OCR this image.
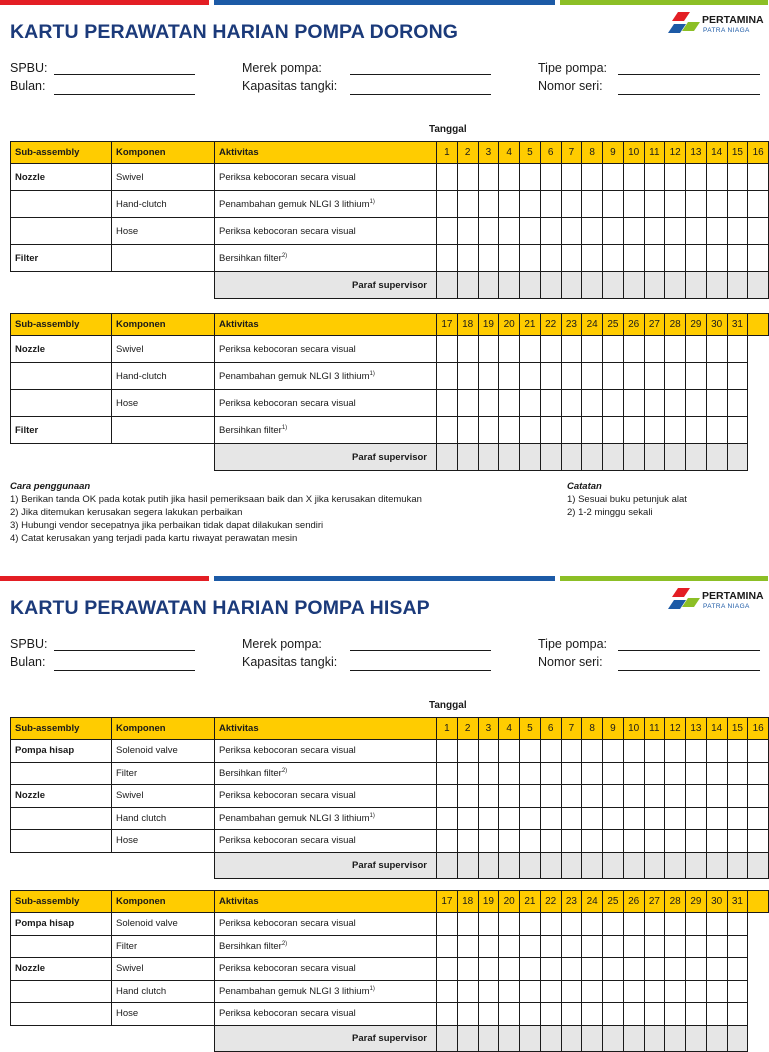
KARTU PERAWATAN HARIAN POMPA DORONG
PERTAMINA
PATRA NIAGA
SPBU:
Bulan:
Merek pompa:
Kapasitas tangki:
Tipe pompa:
Nomor seri:
Tanggal
Sub-assembly	Komponen	Aktivitas	1	2	3	4	5	6	7	8	9	10	11	12	13	14	15	16
Nozzle	Swivel	Periksa kebocoran secara visual																
	Hand-clutch	Penambahan gemuk NLGI 3 lithium$^{1)}$																
	Hose	Periksa kebocoran secara visual																
Filter		Bersihkan filter$^{2)}$																
		Paraf supervisor																
Sub-assembly	Komponen	Aktivitas	17	18	19	20	21	22	23	24	25	26	27	28	29	30	31	
Nozzle	Swivel	Periksa kebocoran secara visual																
	Hand-clutch	Penambahan gemuk NLGI 3 lithium$^{1)}$																
	Hose	Periksa kebocoran secara visual																
Filter		Bersihkan filter$^{1)}$																
		Paraf supervisor																
Cara penggunaan
1) Berikan tanda OK pada kotak putih jika hasil pemeriksaan baik dan X jika kerusakan ditemukan
2) Jika ditemukan kerusakan segera lakukan perbaikan
3) Hubungi vendor secepatnya jika perbaikan tidak dapat dilakukan sendiri
4) Catat kerusakan yang terjadi pada kartu riwayat perawatan mesin
Catatan
1) Sesuai buku petunjuk alat
2) 1-2 minggu sekali
KARTU PERAWATAN HARIAN POMPA HISAP
PERTAMINA
PATRA NIAGA
SPBU:
Bulan:
Merek pompa:
Kapasitas tangki:
Tipe pompa:
Nomor seri:
Tanggal
Sub-assembly	Komponen	Aktivitas	1	2	3	4	5	6	7	8	9	10	11	12	13	14	15	16
Pompa hisap	Solenoid valve	Periksa kebocoran secara visual																
	Filter	Bersihkan filter$^{2)}$																
Nozzle	Swivel	Periksa kebocoran secara visual																
	Hand clutch	Penambahan gemuk NLGI 3 lithium$^{1)}$																
	Hose	Periksa kebocoran secara visual																
		Paraf supervisor																
Sub-assembly	Komponen	Aktivitas	17	18	19	20	21	22	23	24	25	26	27	28	29	30	31	
Pompa hisap	Solenoid valve	Periksa kebocoran secara visual																
	Filter	Bersihkan filter$^{2)}$																
Nozzle	Swivel	Periksa kebocoran secara visual																
	Hand clutch	Penambahan gemuk NLGI 3 lithium$^{1)}$																
	Hose	Periksa kebocoran secara visual																
		Paraf supervisor																
